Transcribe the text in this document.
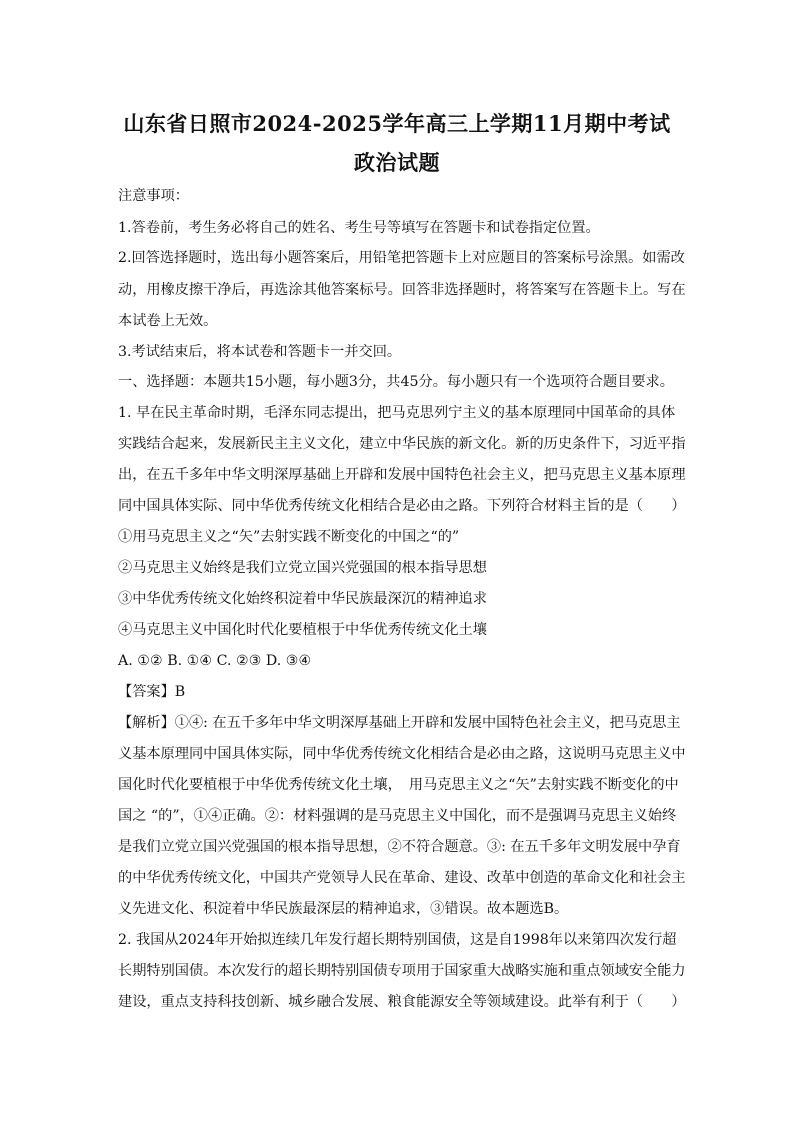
山东省日照市2024-2025学年高三上学期11月期中考试
政治试题
注意事项：
1.答卷前，考生务必将自己的姓名、考生号等填写在答题卡和试卷指定位置。
2.回答选择题时，选出每小题答案后，用铅笔把答题卡上对应题目的答案标号涂黑。如需改
动，用橡皮擦干净后，再选涂其他答案标号。回答非选择题时，将答案写在答题卡上。写在
本试卷上无效。
3.考试结束后，将本试卷和答题卡一并交回。
一、选择题：本题共15小题，每小题3分，共45分。每小题只有一个选项符合题目要求。
1. 早在民主革命时期，毛泽东同志提出，把马克思列宁主义的基本原理同中国革命的具体
实践结合起来，发展新民主主义文化，建立中华民族的新文化。新的历史条件下，习近平指
出，在五千多年中华文明深厚基础上开辟和发展中国特色社会主义，把马克思主义基本原理
同中国具体实际、同中华优秀传统文化相结合是必由之路。下列符合材料主旨的是（　　）
①用马克思主义之“矢”去射实践不断变化的中国之“的”
②马克思主义始终是我们立党立国兴党强国的根本指导思想
③中华优秀传统文化始终积淀着中华民族最深沉的精神追求
④马克思主义中国化时代化要植根于中华优秀传统文化土壤
A. ①② B. ①④ C. ②③ D. ③④
【答案】B
【解析】①④: 在五千多年中华文明深厚基础上开辟和发展中国特色社会主义，把马克思主
义基本原理同中国具体实际，同中华优秀传统文化相结合是必由之路，这说明马克思主义中
国化时代化要植根于中华优秀传统文化土壤，　用马克思主义之“矢”去射实践不断变化的中
国之 “的”，①④正确。②：材料强调的是马克思主义中国化，而不是强调马克思主义始终
是我们立党立国兴党强国的根本指导思想，②不符合题意。③: 在五千多年文明发展中孕育
的中华优秀传统文化，中国共产党领导人民在革命、建设、改革中创造的革命文化和社会主
义先进文化、积淀着中华民族最深层的精神追求，③错误。故本题选B。
2. 我国从2024年开始拟连续几年发行超长期特别国债，这是自1998年以来第四次发行超
长期特别国债。本次发行的超长期特别国债专项用于国家重大战略实施和重点领域安全能力
建设，重点支持科技创新、城乡融合发展、粮食能源安全等领域建设。此举有利于（　　）
